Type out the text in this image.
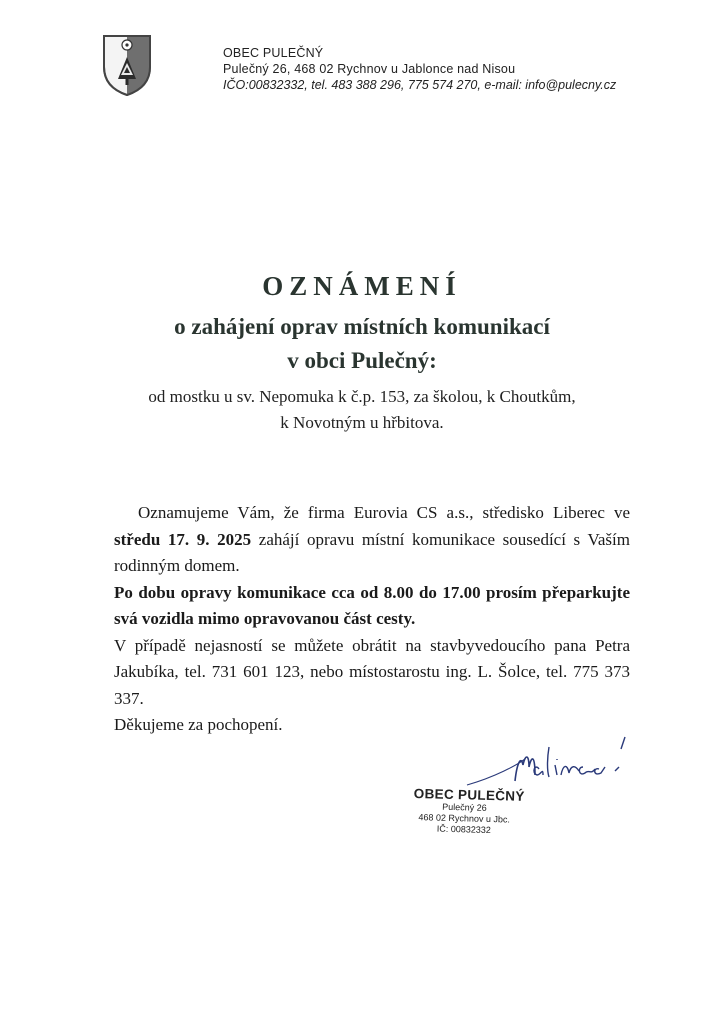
OBEC PULEČNÝ
Pulečný 26, 468 02 Rychnov u Jablonce nad Nisou
IČO:00832332, tel. 483 388 296, 775 574 270, e-mail: info@pulecny.cz
OZNÁMENÍ
o zahájení oprav místních komunikací
v obci Pulečný:
od mostku u sv. Nepomuka k č.p. 153, za školou, k Choutkům,
k Novotným u hřbitova.

Oznamujeme Vám, že firma Eurovia CS a.s., středisko Liberec ve středu 17. 9. 2025 zahájí opravu místní komunikace sousedící s Vaším rodinným domem.

Po dobu opravy komunikace cca od 8.00 do 17.00 prosím přeparkujte svá vozidla mimo opravovanou část cesty.

V případě nejasností se můžete obrátit na stavbyvedoucího pana Petra Jakubíka, tel. 731 601 123, nebo místostarostu ing. L. Šolce, tel. 775 373 337.

Děkujeme za pochopení.

OBEC PULEČNÝ
Pulečný 26
468 02 Rychnov u Jbc.
IČ: 00832332
